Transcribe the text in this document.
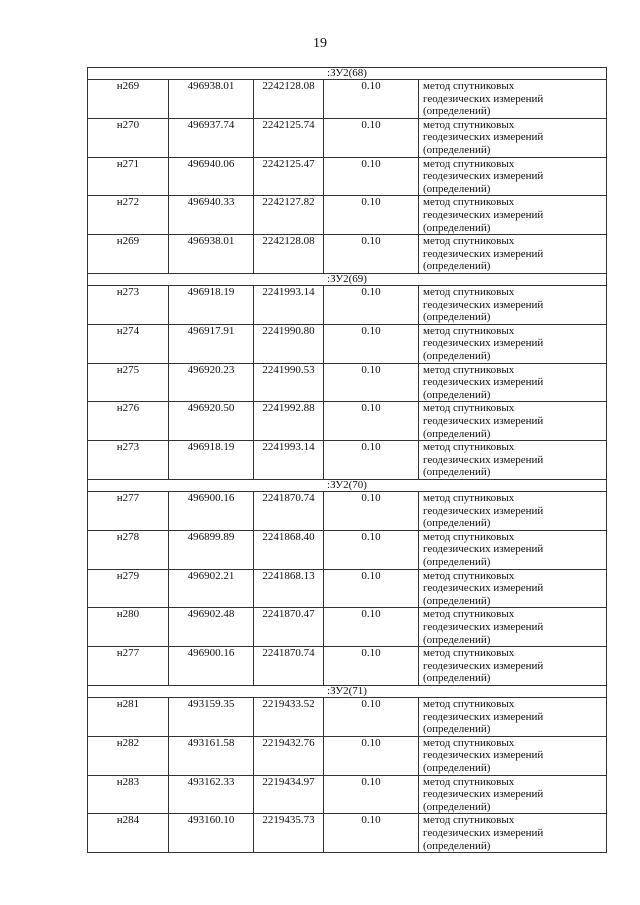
19
:ЗУ2(68)				
н269	496938.01	2242128.08	0.10	метод спутниковых
геодезических измерений
(определений)

н270	496937.74	2242125.74	0.10	метод спутниковых
геодезических измерений
(определений)

н271	496940.06	2242125.47	0.10	метод спутниковых
геодезических измерений
(определений)

н272	496940.33	2242127.82	0.10	метод спутниковых
геодезических измерений
(определений)

н269	496938.01	2242128.08	0.10	метод спутниковых
геодезических измерений
(определений)

:ЗУ2(69)				
н273	496918.19	2241993.14	0.10	метод спутниковых
геодезических измерений
(определений)

н274	496917.91	2241990.80	0.10	метод спутниковых
геодезических измерений
(определений)

н275	496920.23	2241990.53	0.10	метод спутниковых
геодезических измерений
(определений)

н276	496920.50	2241992.88	0.10	метод спутниковых
геодезических измерений
(определений)

н273	496918.19	2241993.14	0.10	метод спутниковых
геодезических измерений
(определений)

:ЗУ2(70)				
н277	496900.16	2241870.74	0.10	метод спутниковых
геодезических измерений
(определений)

н278	496899.89	2241868.40	0.10	метод спутниковых
геодезических измерений
(определений)

н279	496902.21	2241868.13	0.10	метод спутниковых
геодезических измерений
(определений)

н280	496902.48	2241870.47	0.10	метод спутниковых
геодезических измерений
(определений)

н277	496900.16	2241870.74	0.10	метод спутниковых
геодезических измерений
(определений)

:ЗУ2(71)				
н281	493159.35	2219433.52	0.10	метод спутниковых
геодезических измерений
(определений)

н282	493161.58	2219432.76	0.10	метод спутниковых
геодезических измерений
(определений)

н283	493162.33	2219434.97	0.10	метод спутниковых
геодезических измерений
(определений)

н284	493160.10	2219435.73	0.10	метод спутниковых
геодезических измерений
(определений)
